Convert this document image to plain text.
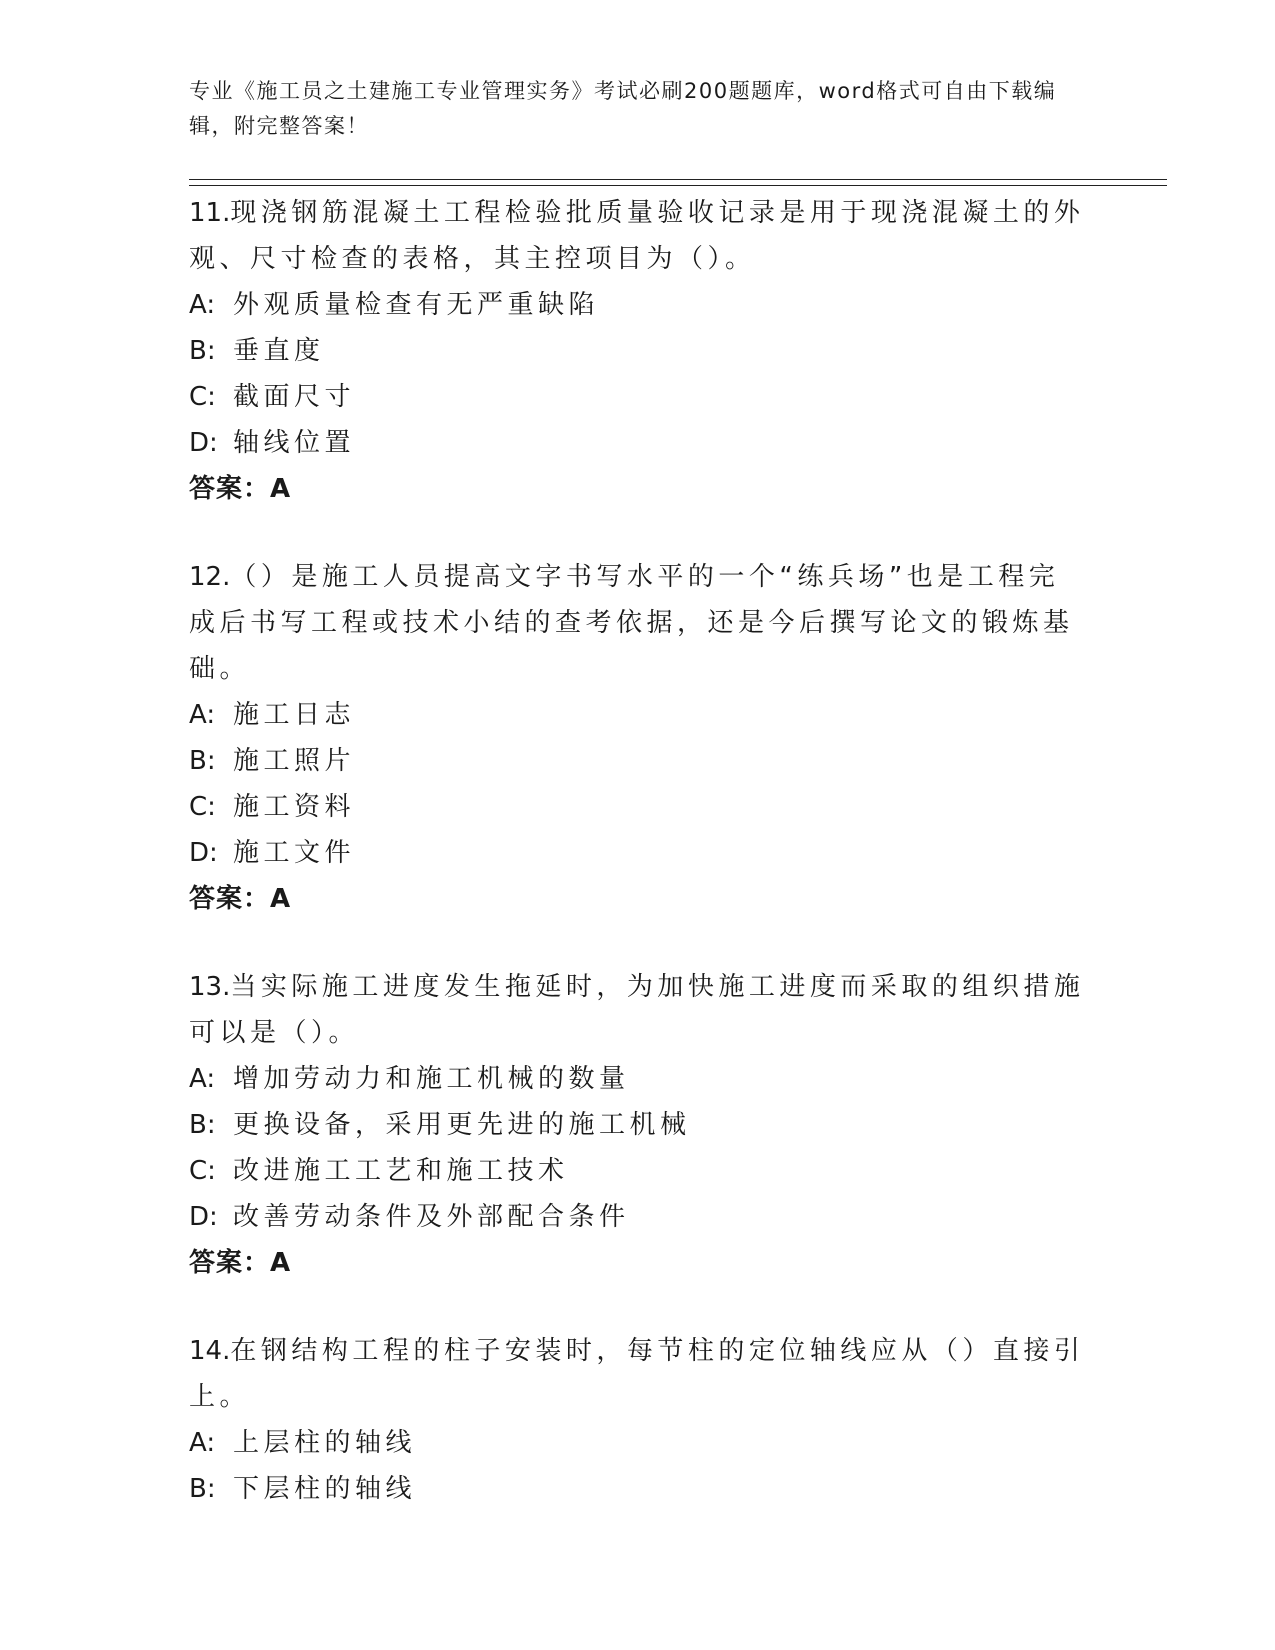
专业《施工员之土建施工专业管理实务》考试必刷200题题库，word格式可自由下载编辑，附完整答案！
11.现浇钢筋混凝土工程检验批质量验收记录是用于现浇混凝土的外观、尺寸检查的表格，其主控项目为（）。
A: 外观质量检查有无严重缺陷
B: 垂直度
C: 截面尺寸
D: 轴线位置
答案：A
12.（）是施工人员提高文字书写水平的一个“练兵场”也是工程完成后书写工程或技术小结的查考依据，还是今后撰写论文的锻炼基础。
A: 施工日志
B: 施工照片
C: 施工资料
D: 施工文件
答案：A
13.当实际施工进度发生拖延时，为加快施工进度而采取的组织措施可以是（）。
A: 增加劳动力和施工机械的数量
B: 更换设备，采用更先进的施工机械
C: 改进施工工艺和施工技术
D: 改善劳动条件及外部配合条件
答案：A
14.在钢结构工程的柱子安装时，每节柱的定位轴线应从（）直接引上。
A: 上层柱的轴线
B: 下层柱的轴线
